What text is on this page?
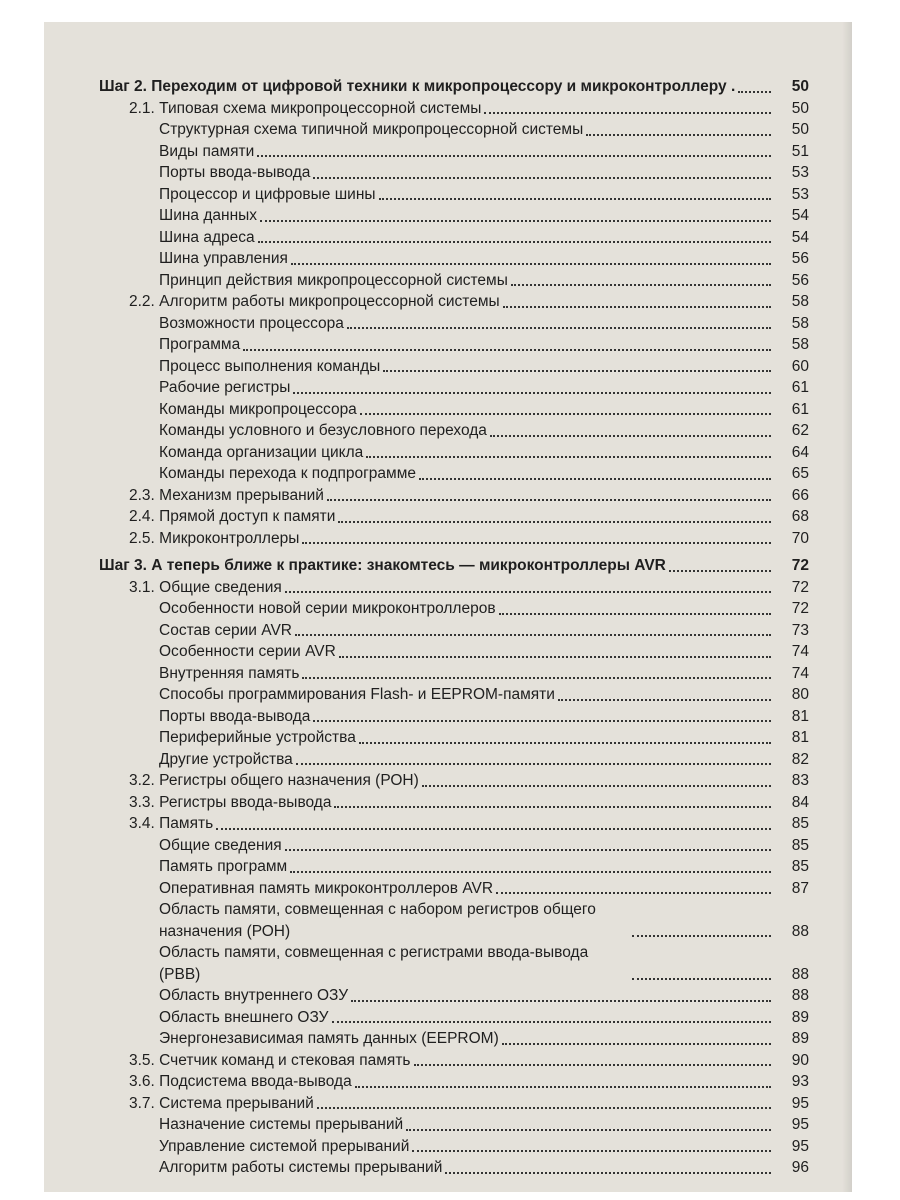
Шаг 2. Переходим от цифровой техники к микропроцессору и микроконтроллеру .	50
2.1. Типовая схема микропроцессорной системы	50
Структурная схема типичной микропроцессорной системы	50
Виды памяти	51
Порты ввода-вывода	53
Процессор и цифровые шины	53
Шина данных	54
Шина адреса	54
Шина управления	56
Принцип действия микропроцессорной системы	56
2.2. Алгоритм работы микропроцессорной системы	58
Возможности процессора	58
Программа	58
Процесс выполнения команды	60
Рабочие регистры	61
Команды микропроцессора	61
Команды условного и безусловного перехода	62
Команда организации цикла	64
Команды перехода к подпрограмме	65
2.3. Механизм прерываний	66
2.4. Прямой доступ к памяти	68
2.5. Микроконтроллеры	70
Шаг 3. А теперь ближе к практике: знакомтесь — микроконтроллеры AVR	72
3.1. Общие сведения	72
Особенности новой серии микроконтроллеров	72
Состав серии AVR	73
Особенности серии AVR	74
Внутренняя память	74
Способы программирования Flash- и EEPROM-памяти	80
Порты ввода-вывода	81
Периферийные устройства	81
Другие устройства	82
3.2. Регистры общего назначения (РОН)	83
3.3. Регистры ввода-вывода	84
3.4. Память	85
Общие сведения	85
Память программ	85
Оперативная память микроконтроллеров AVR	87
Область памяти, совмещенная с набором регистров общего назначения (РОН)	88
Область памяти, совмещенная с регистрами ввода-вывода (РВВ)	88
Область внутреннего ОЗУ	88
Область внешнего ОЗУ	89
Энергонезависимая память данных (EEPROM)	89
3.5. Счетчик команд и стековая память	90
3.6. Подсистема ввода-вывода	93
3.7. Система прерываний	95
Назначение системы прерываний	95
Управление системой прерываний	95
Алгоритм работы системы прерываний	96
